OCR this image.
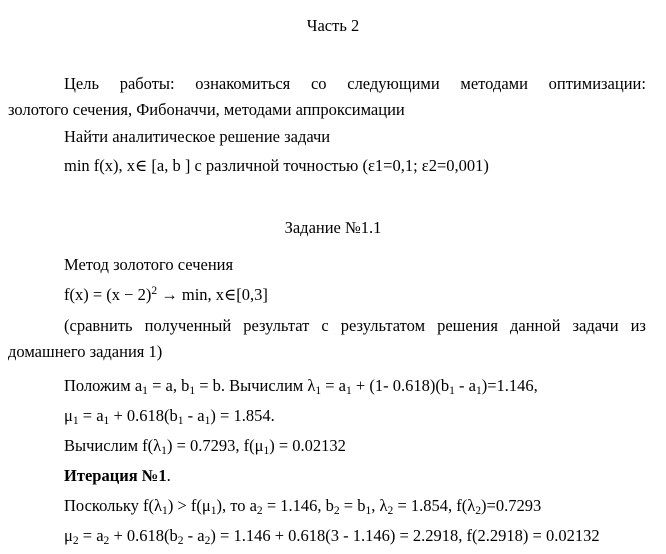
Часть 2
Цель работы: ознакомиться со следующими методами оптимизации:
золотого сечения, Фибоначчи, методами аппроксимации
Найти аналитическое решение задачи
min f(x), x∈ [a, b ] с различной точностью (ε1=0,1; ε2=0,001)
Задание №1.1
Метод золотого сечения
$f(x) = (x - 2)^2 \to \min$, x∈[0,3]
(сравнить полученный результат с результатом решения данной задачи из
домашнего задания 1)
Положим $a_1 = a$, $b_1 = b$. Вычислим $\lambda_1 = a_1 + (1-$ $0.618)(b_1 - a_1)=1.146$,
$\mu_1 = a_1 + 0.618(b_1 - a_1) = 1.854$.
Вычислим $f(\lambda_1) = 0.7293$, $f(\mu_1) = 0.02132$
Итерация №1.
Поскольку $f(\lambda_1) > f(\mu_1)$, то $a_2 = 1.146$, $b_2 = b_1$, $\lambda_2 = 1.854$, $f(\lambda_2)=0.7293$
$\mu_2 = a_2 + 0.618(b_2 - a_2) = 1.146 + 0.618(3 - 1.146) = 2.2918$, f(2.2918) = 0.02132
